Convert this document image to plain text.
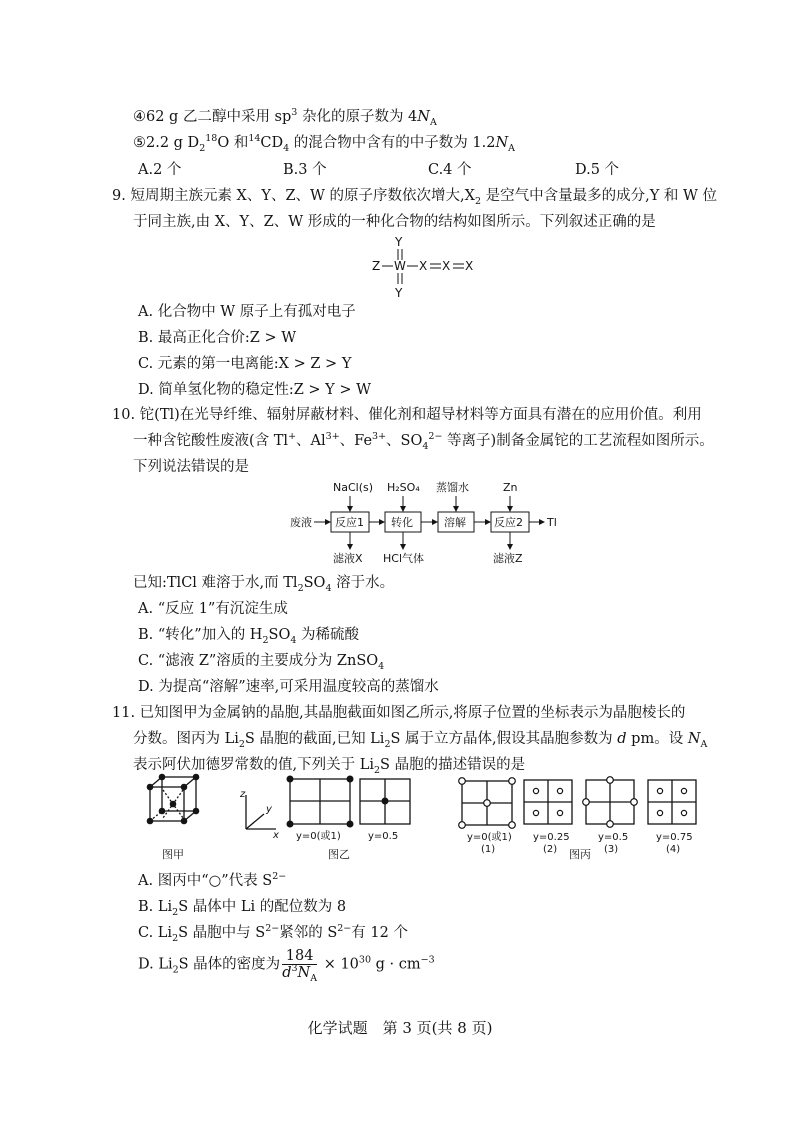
④62 g 乙二醇中采用 $sp^3$ 杂化的原子数为 $4N_A$
⑤2.2 g $D_2^{18}O$ 和$^{14}CD_4$ 的混合物中含有的中子数为 $1.2N_A$
A.2 个	B.3 个	C.4 个	D.5 个
9. 短周期主族元素 X、Y、Z、W 的原子序数依次增大$,X_2$ 是空气中含量最多的成分,Y 和 W 位
于同主族,由 X、Y、Z、W 形成的一种化合物的结构如图所示。下列叙述正确的是
Y
Z W X X X
Y
A. 化合物中 W 原子上有孤对电子
B. 最高正化合价:Z > W
C. 元素的第一电离能:X > Z > Y
D. 简单氢化物的稳定性:Z > Y > W
10. 铊(Tl)在光导纤维、辐射屏蔽材料、催化剂和超导材料等方面具有潜在的应用价值。利用
一种含铊酸性废液(含 Tl+、$Al^{3+}$、$Fe^{3+}$、$SO_4^{2-}$ 等离子)制备金属铊的工艺流程如图所示。
下列说法错误的是
NaCl(s) H₂SO₄ 蒸馏水	Zn
废液 反应1 转化	溶解	反应2 Tl
滤液X HCl气体	滤液Z
已知:TlCl 难溶于水,而 $Tl_2SO_4$ 溶于水。
A. “反应 1”有沉淀生成
B. “转化”加入的 $H_2SO_4$ 为稀硫酸
C. “滤液 Z”溶质的主要成分为 ZnSO$_4$
D. 为提高“溶解”速率,可采用温度较高的蒸馏水
11. 已知图甲为金属钠的晶胞,其晶胞截面如图乙所示,将原子位置的坐标表示为晶胞棱长的
分数。图丙为 $Li_2S$ 晶胞的截面,已知 $Li_2S$ 属于立方晶体,假设其晶胞参数为 d pm。设 $N_A$
表示阿伏加德罗常数的值,下列关于 $Li_2S$ 晶胞的描述错误的是
z
y
x y=0(或1)	y=0.5	y=0(或1) y=0.25	y=0.5	y=0.75
(1)	(2)	(3)	(4)
图甲	图乙	图丙
A. 图丙中“○”代表 $S^{2-}$
B. $Li_2S$ 晶体中 Li 的配位数为 8
C. $Li_2S$ 晶胞中与 $S^{2-}$紧邻的 $S^{2-}$有 12 个
D. $Li_2S$ 晶体的密度为 $\frac{184}{d^3N_A} \times 10^{30}$ $g \cdot cm^{-3}$
化学试题　第 3 页(共 8 页)
